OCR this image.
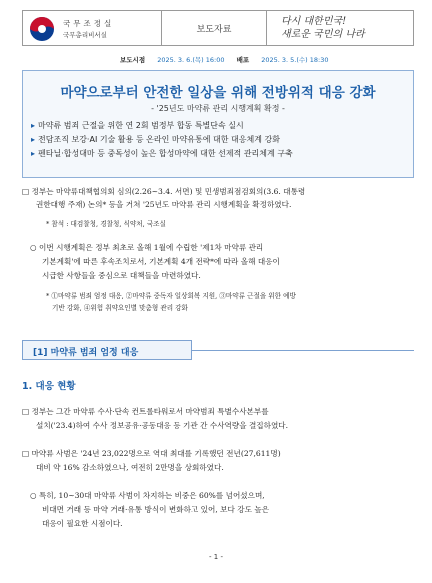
국무조정실
국무총리비서실	보도자료
다시 대한민국!
새로운 국민의 나라
보도시점 2025. 3. 6.(목) 16:00 배포 2025. 3. 5.(수) 18:30
마약으로부터 안전한 일상을 위해 전방위적 대응 강화
- '25년도 마약류 관리 시행계획 확정 -
▸ 마약류 범죄 근절을 위한 연 2회 범정부 합동 특별단속 실시
▸ 전담조직 보강·AI 기술 활용 등 온라인 마약유통에 대한 대응체계 강화
▸ 펜타닐·합성대마 등 중독성이 높은 합성마약에 대한 선제적 관리체계 구축
□ 정부는 마약류대책협의회 심의(2.26~3.4. 서면) 및 민생범죄점검회의(3.6. 대통령
권한대행 주재) 논의* 등을 거쳐 '25년도 마약류 관리 시행계획을 확정하였다.
* 참석 : 대검찰청, 경찰청, 식약처, 국조실
○ 이번 시행계획은 정부 최초로 올해 1월에 수립한 '제1차 마약류 관리
기본계획'에 따른 후속조치로서, 기본계획 4개 전략*에 따라 올해 대응이
시급한 사항들을 중심으로 대책들을 마련하였다.
* ①마약류 범죄 엄정 대응, ②마약류 중독자 일상회복 지원, ③마약류 근절을 위한 예방
기반 강화, ④위험 취약요인별 맞춤형 관리 강화
[1] 마약류 범죄 엄정 대응
1. 대응 현황
□ 정부는 그간 마약류 수사·단속 컨트롤타워로서 마약범죄 특별수사본부를
설치('23.4)하여 수사 정보공유·공동대응 등 기관 간 수사역량을 결집하였다.
□ 마약류 사범은 '24년 23,022명으로 역대 최대를 기록했던 전년(27,611명)
대비 약 16% 감소하였으나, 여전히 2만명을 상회하였다.
○ 특히, 10~30대 마약류 사범이 차지하는 비중은 60%를 넘어섰으며,
비대면 거래 등 마약 거래·유통 방식이 변화하고 있어, 보다 강도 높은
대응이 필요한 시점이다.
- 1 -
